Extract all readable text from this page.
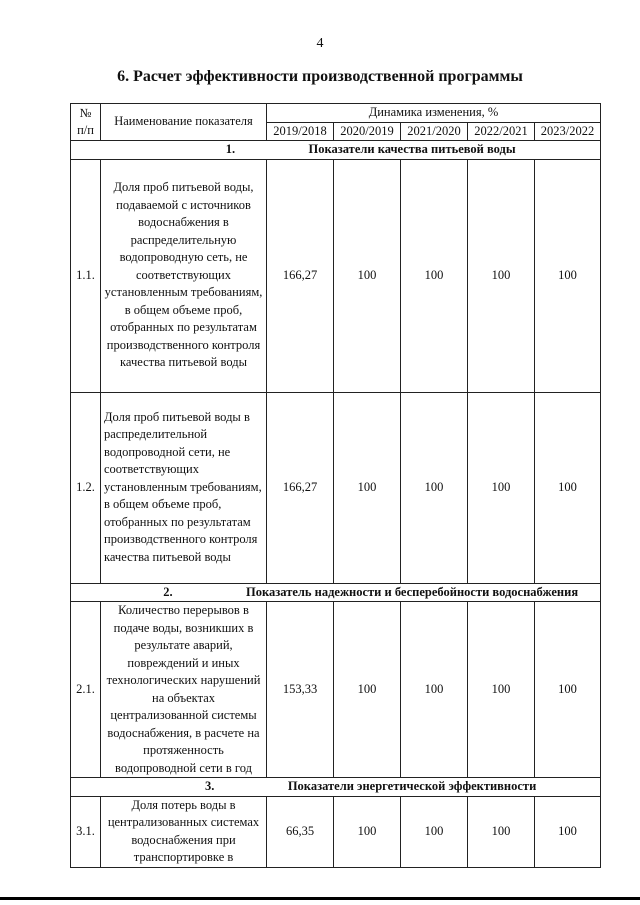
4
6. Расчет эффективности производственной программы
№ п/п	Наименование показателя	Динамика изменения, %				
		2019/2018	2020/2019	2021/2020	2022/2021	2023/2022
1. Показатели качества питьевой воды						
1.1.	Доля проб питьевой воды, подаваемой с источников водоснабжения в распределительную водопроводную сеть, не соответствующих установленным требованиям, в общем объеме проб, отобранных по результатам производственного контроля качества питьевой воды	166,27	100	100	100	100
1.2.	Доля проб питьевой воды в распределительной водопроводной сети, не соответствующих установленным требованиям, в общем объеме проб, отобранных по результатам производственного контроля качества питьевой воды	166,27	100	100	100	100
2. Показатель надежности и бесперебойности водоснабжения						
2.1.	Количество перерывов в подаче воды, возникших в результате аварий, повреждений и иных технологических нарушений на объектах централизованной системы водоснабжения, в расчете на протяженность водопроводной сети в год	153,33	100	100	100	100
3. Показатели энергетической эффективности						
3.1.	Доля потерь воды в централизованных системах водоснабжения при транспортировке в	66,35	100	100	100	100
